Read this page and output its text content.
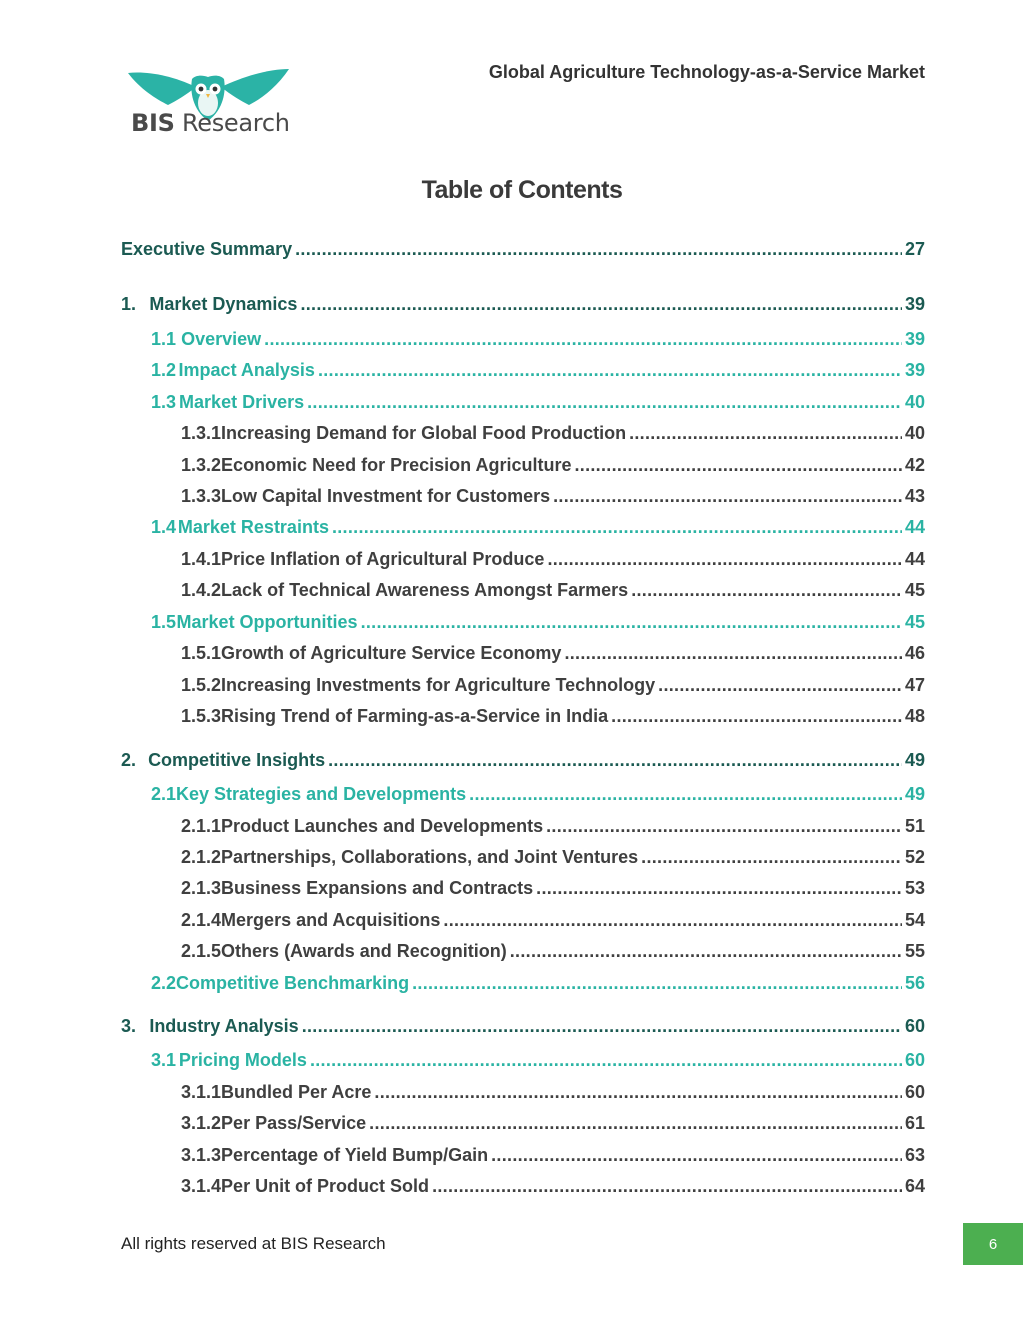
BIS Research
Global Agriculture Technology-as-a-Service Market
Table of Contents
Executive Summary .....	27
1. Market Dynamics .....	39
1.1 Overview .....	39
1.2 Impact Analysis .....	39
1.3 Market Drivers .....	40
1.3.1 Increasing Demand for Global Food Production .....	40
1.3.2 Economic Need for Precision Agriculture .....	42
1.3.3 Low Capital Investment for Customers .....	43
1.4 Market Restraints .....	44
1.4.1 Price Inflation of Agricultural Produce .....	44
1.4.2 Lack of Technical Awareness Amongst Farmers .....	45
1.5 Market Opportunities .....	45
1.5.1 Growth of Agriculture Service Economy .....	46
1.5.2 Increasing Investments for Agriculture Technology .....	47
1.5.3 Rising Trend of Farming-as-a-Service in India .....	48
2. Competitive Insights .....	49
2.1 Key Strategies and Developments .....	49
2.1.1 Product Launches and Developments .....	51
2.1.2 Partnerships, Collaborations, and Joint Ventures .....	52
2.1.3 Business Expansions and Contracts .....	53
2.1.4 Mergers and Acquisitions .....	54
2.1.5 Others (Awards and Recognition) .....	55
2.2 Competitive Benchmarking .....	56
3. Industry Analysis .....	60
3.1 Pricing Models .....	60
3.1.1 Bundled Per Acre .....	60
3.1.2 Per Pass/Service .....	61
3.1.3 Percentage of Yield Bump/Gain .....	63
3.1.4 Per Unit of Product Sold .....	64
All rights reserved at BIS Research	6
